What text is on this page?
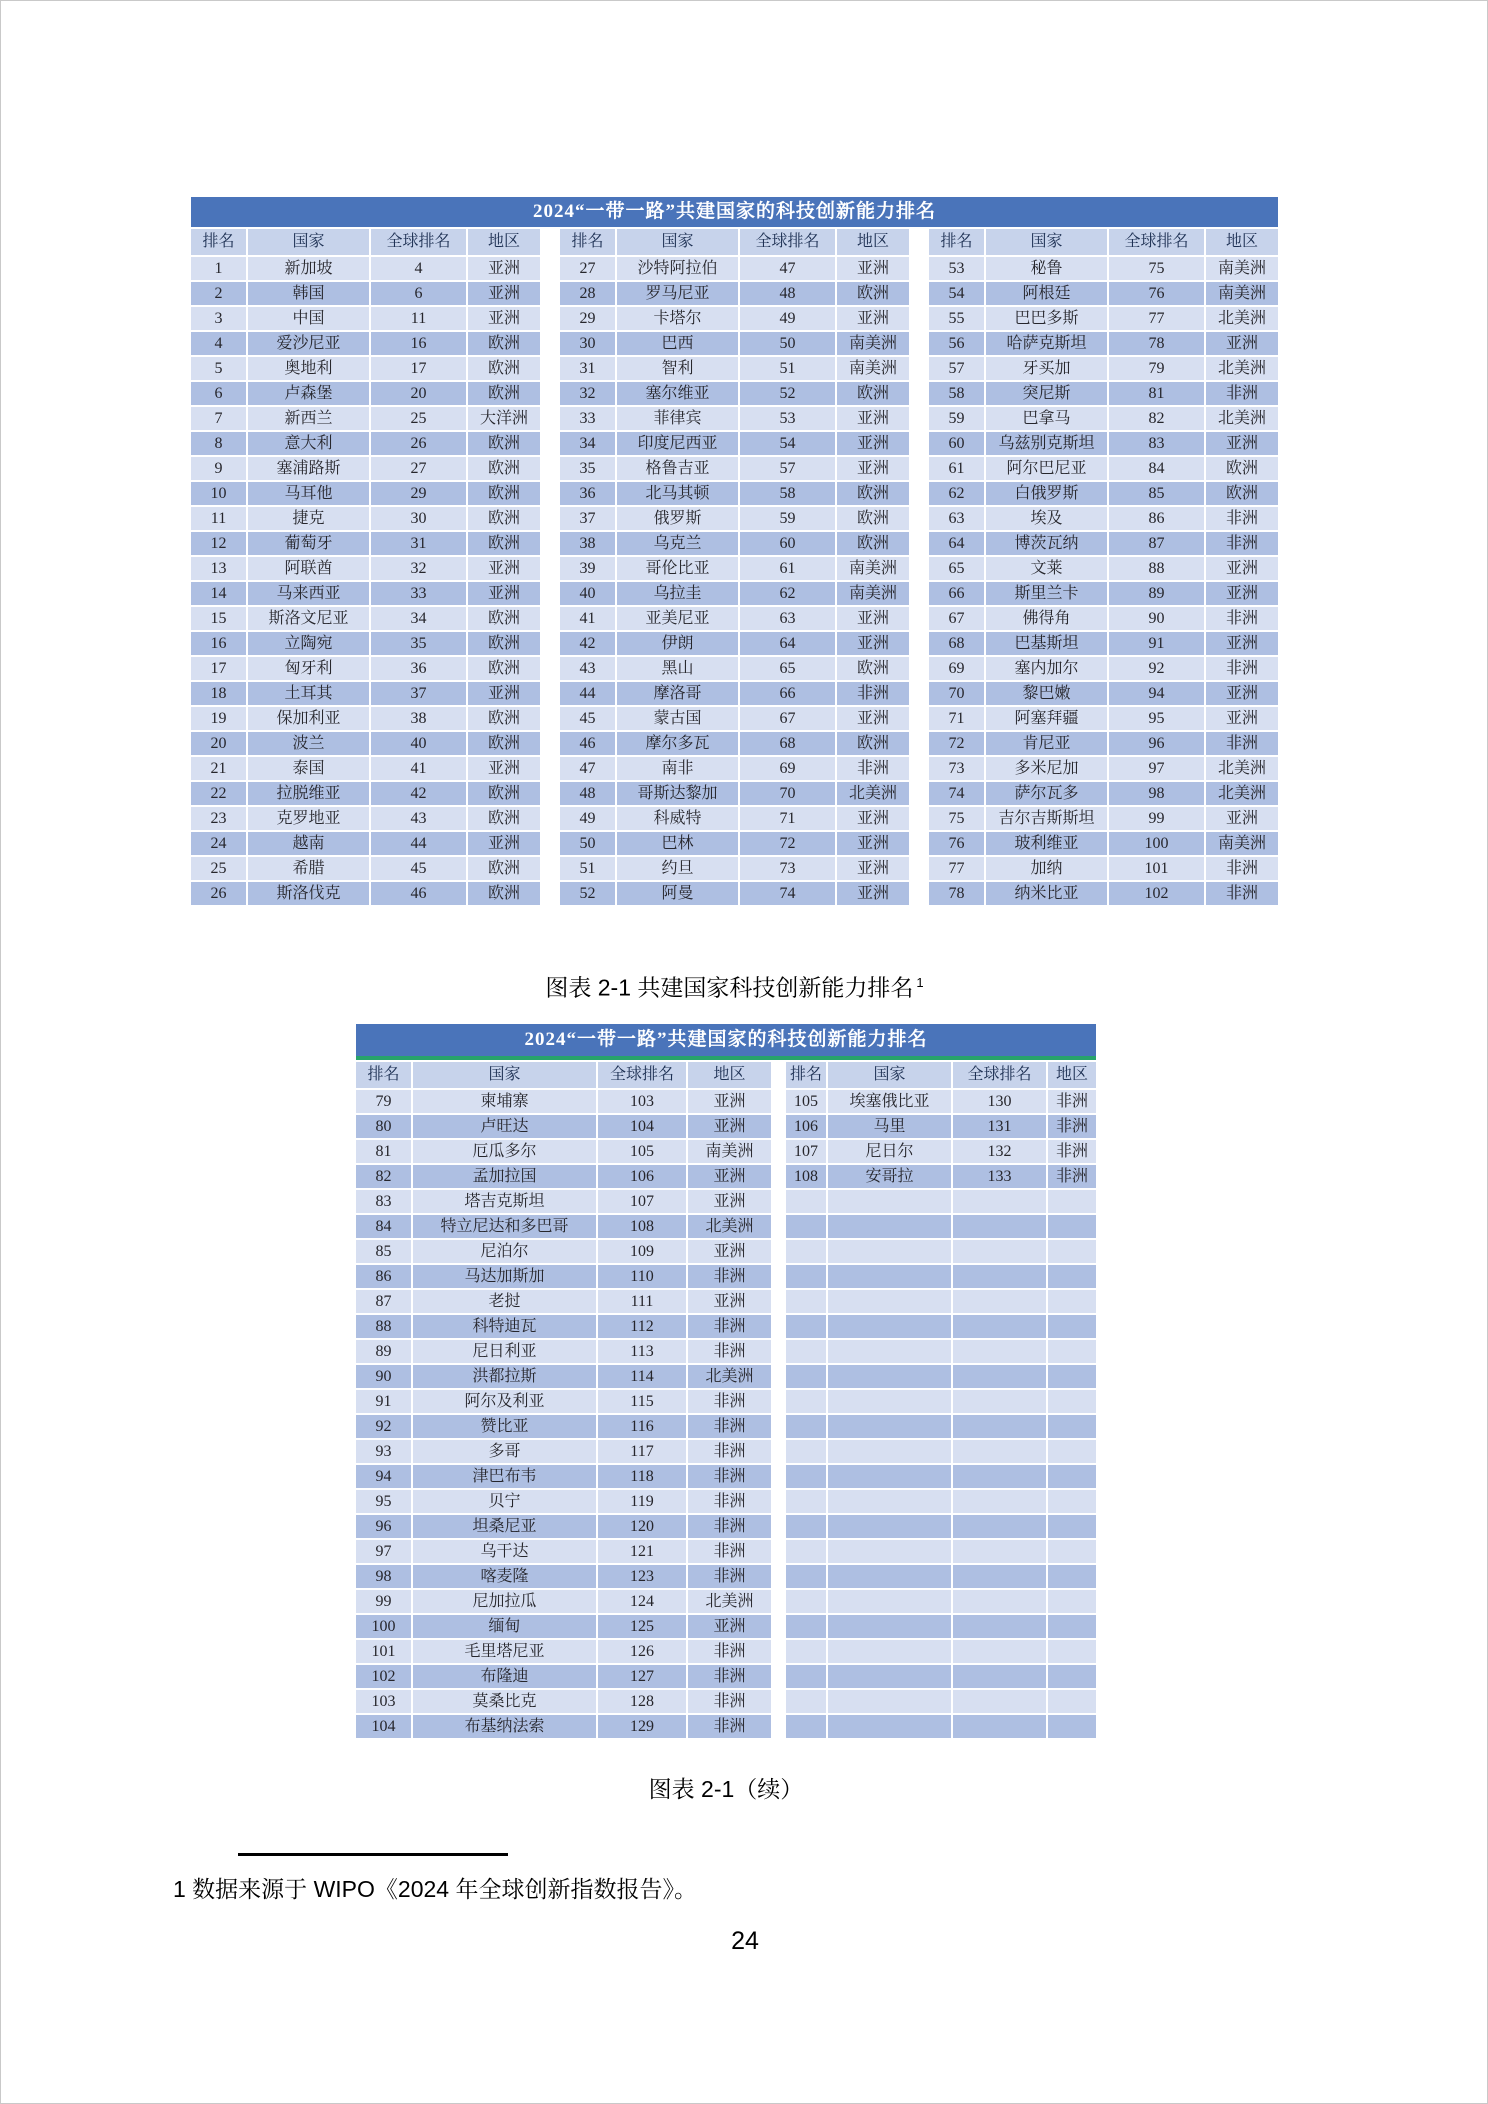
2024“一带一路”共建国家的科技创新能力排名
排名	国家	全球排名	地区
1	新加坡	4	亚洲
2	韩国	6	亚洲
3	中国	11	亚洲
4	爱沙尼亚	16	欧洲
5	奥地利	17	欧洲
6	卢森堡	20	欧洲
7	新西兰	25	大洋洲
8	意大利	26	欧洲
9	塞浦路斯	27	欧洲
10	马耳他	29	欧洲
11	捷克	30	欧洲
12	葡萄牙	31	欧洲
13	阿联酋	32	亚洲
14	马来西亚	33	亚洲
15	斯洛文尼亚	34	欧洲
16	立陶宛	35	欧洲
17	匈牙利	36	欧洲
18	土耳其	37	亚洲
19	保加利亚	38	欧洲
20	波兰	40	欧洲
21	泰国	41	亚洲
22	拉脱维亚	42	欧洲
23	克罗地亚	43	欧洲
24	越南	44	亚洲
25	希腊	45	欧洲
26	斯洛伐克	46	欧洲
排名	国家	全球排名	地区
27	沙特阿拉伯	47	亚洲
28	罗马尼亚	48	欧洲
29	卡塔尔	49	亚洲
30	巴西	50	南美洲
31	智利	51	南美洲
32	塞尔维亚	52	欧洲
33	菲律宾	53	亚洲
34	印度尼西亚	54	亚洲
35	格鲁吉亚	57	亚洲
36	北马其顿	58	欧洲
37	俄罗斯	59	欧洲
38	乌克兰	60	欧洲
39	哥伦比亚	61	南美洲
40	乌拉圭	62	南美洲
41	亚美尼亚	63	亚洲
42	伊朗	64	亚洲
43	黑山	65	欧洲
44	摩洛哥	66	非洲
45	蒙古国	67	亚洲
46	摩尔多瓦	68	欧洲
47	南非	69	非洲
48	哥斯达黎加	70	北美洲
49	科威特	71	亚洲
50	巴林	72	亚洲
51	约旦	73	亚洲
52	阿曼	74	亚洲
排名	国家	全球排名	地区
53	秘鲁	75	南美洲
54	阿根廷	76	南美洲
55	巴巴多斯	77	北美洲
56	哈萨克斯坦	78	亚洲
57	牙买加	79	北美洲
58	突尼斯	81	非洲
59	巴拿马	82	北美洲
60	乌兹别克斯坦	83	亚洲
61	阿尔巴尼亚	84	欧洲
62	白俄罗斯	85	欧洲
63	埃及	86	非洲
64	博茨瓦纳	87	非洲
65	文莱	88	亚洲
66	斯里兰卡	89	亚洲
67	佛得角	90	非洲
68	巴基斯坦	91	亚洲
69	塞内加尔	92	非洲
70	黎巴嫩	94	亚洲
71	阿塞拜疆	95	亚洲
72	肯尼亚	96	非洲
73	多米尼加	97	北美洲
74	萨尔瓦多	98	北美洲
75	吉尔吉斯斯坦	99	亚洲
76	玻利维亚	100	南美洲
77	加纳	101	非洲
78	纳米比亚	102	非洲
图表 2-1 共建国家科技创新能力排名 $^1$
2024“一带一路”共建国家的科技创新能力排名
排名	国家	全球排名	地区
79	柬埔寨	103	亚洲
80	卢旺达	104	亚洲
81	厄瓜多尔	105	南美洲
82	孟加拉国	106	亚洲
83	塔吉克斯坦	107	亚洲
84	特立尼达和多巴哥	108	北美洲
85	尼泊尔	109	亚洲
86	马达加斯加	110	非洲
87	老挝	111	亚洲
88	科特迪瓦	112	非洲
89	尼日利亚	113	非洲
90	洪都拉斯	114	北美洲
91	阿尔及利亚	115	非洲
92	赞比亚	116	非洲
93	多哥	117	非洲
94	津巴布韦	118	非洲
95	贝宁	119	非洲
96	坦桑尼亚	120	非洲
97	乌干达	121	非洲
98	喀麦隆	123	非洲
99	尼加拉瓜	124	北美洲
100	缅甸	125	亚洲
101	毛里塔尼亚	126	非洲
102	布隆迪	127	非洲
103	莫桑比克	128	非洲
104	布基纳法索	129	非洲
排名	国家	全球排名	地区
105	埃塞俄比亚	130	非洲
106	马里	131	非洲
107	尼日尔	132	非洲
108	安哥拉	133	非洲
图表 2-1（续）
1 数据来源于 WIPO《2024 年全球创新指数报告》。
24
